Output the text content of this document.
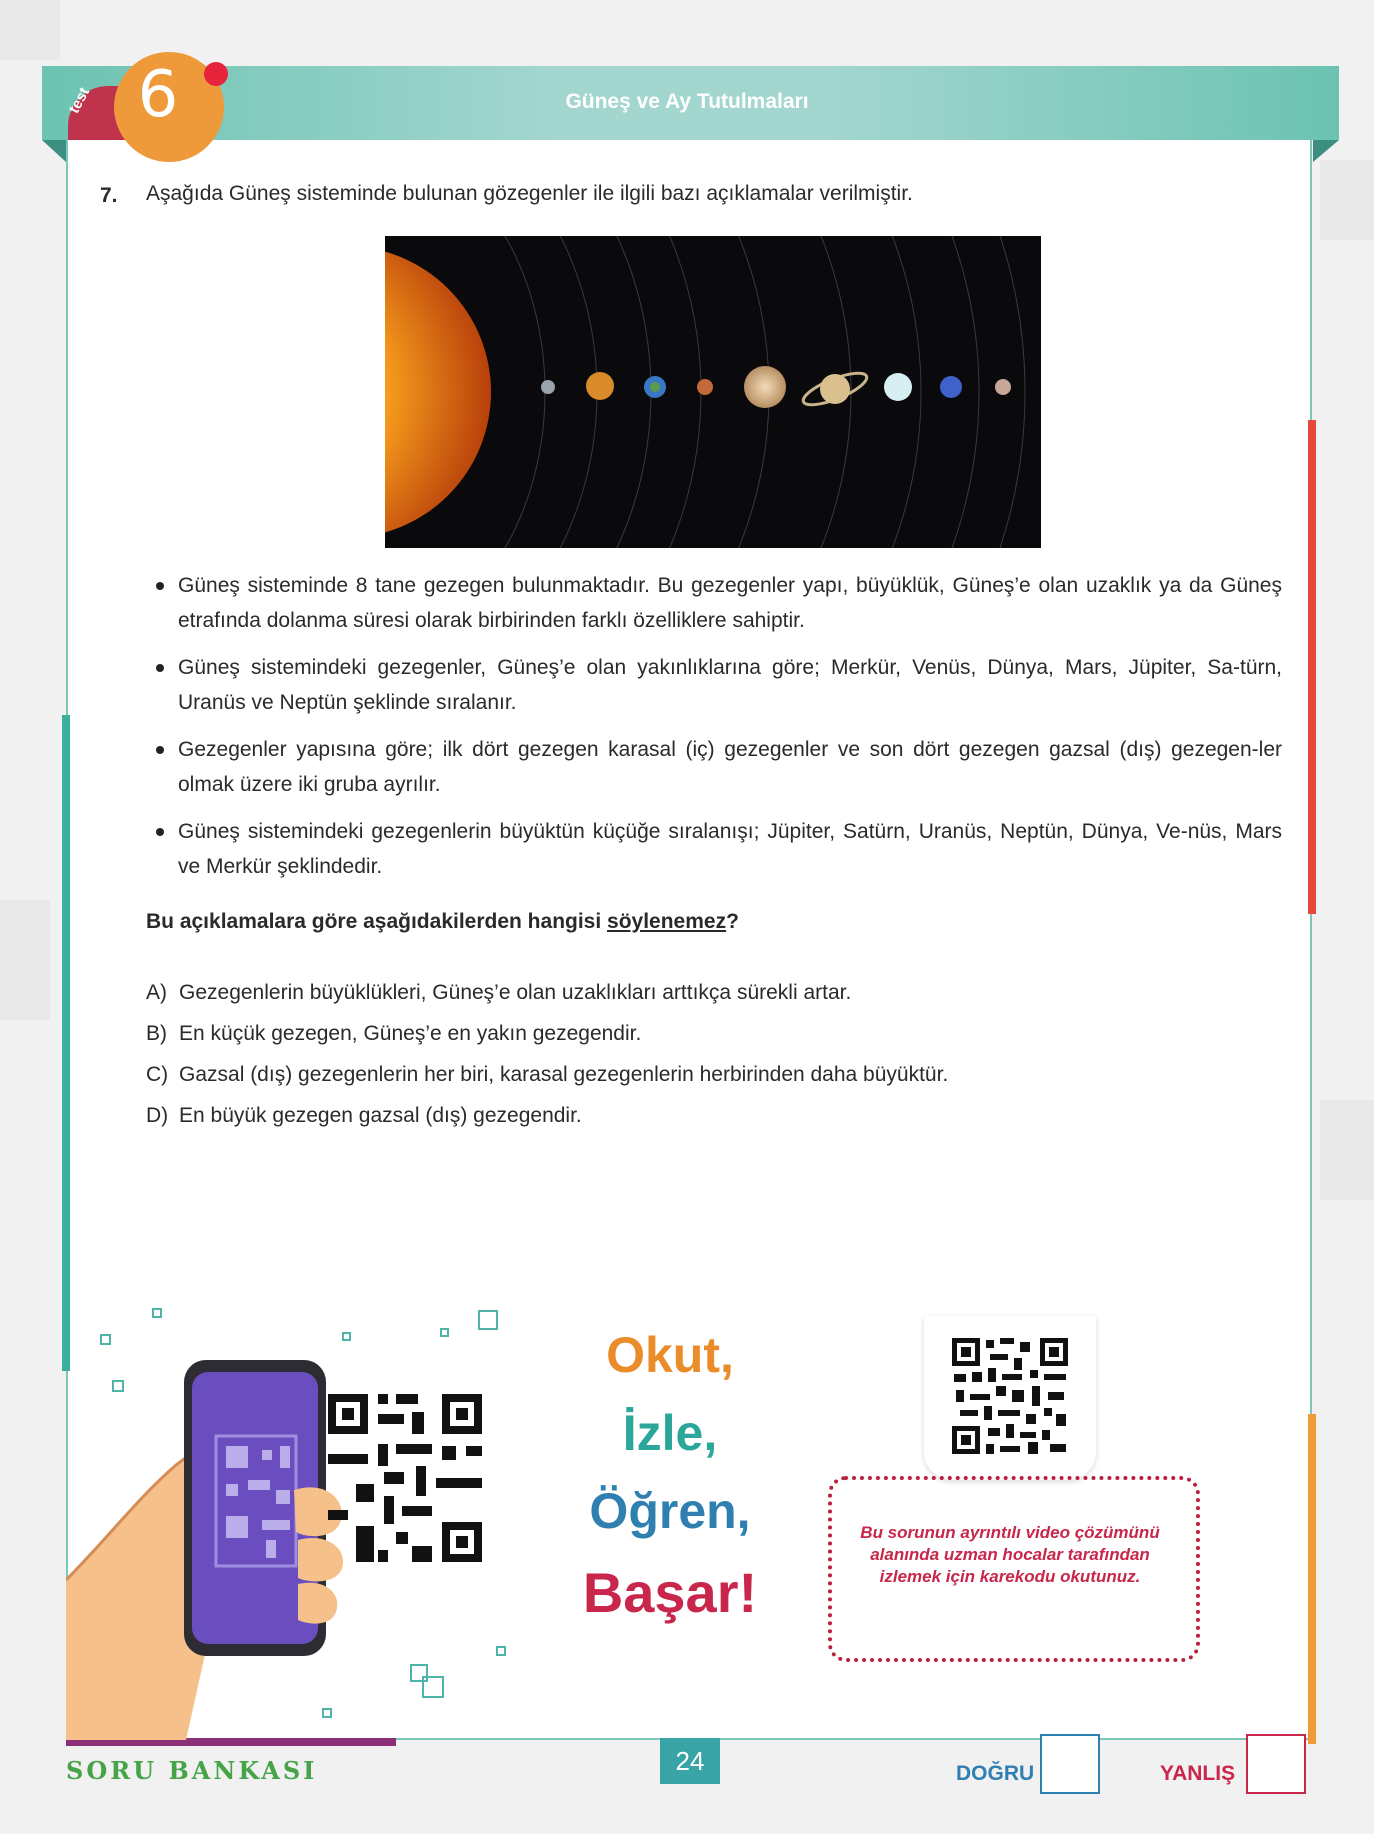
test 6	Güneş ve Ay Tutulmaları
7. Aşağıda Güneş sisteminde bulunan gözegenler ile ilgili bazı açıklamalar verilmiştir.
Güneş sisteminde 8 tane gezegen bulunmaktadır. Bu gezegenler yapı, büyüklük, Güneş’e olan uzaklık ya da Güneş etrafında dolanma süresi olarak birbirinden farklı özelliklere sahiptir.
Güneş sistemindeki gezegenler, Güneş’e olan yakınlıklarına göre; Merkür, Venüs, Dünya, Mars, Jüpiter, Sa-türn, Uranüs ve Neptün şeklinde sıralanır.
Gezegenler yapısına göre; ilk dört gezegen karasal (iç) gezegenler ve son dört gezegen gazsal (dış) gezegen-ler olmak üzere iki gruba ayrılır.
Güneş sistemindeki gezegenlerin büyüktün küçüğe sıralanışı; Jüpiter, Satürn, Uranüs, Neptün, Dünya, Ve-nüs, Mars ve Merkür şeklindedir.
Bu açıklamalara göre aşağıdakilerden hangisi söylenemez?
A) Gezegenlerin büyüklükleri, Güneş’e olan uzaklıkları arttıkça sürekli artar.
B) En küçük gezegen, Güneş’e en yakın gezegendir.
C) Gazsal (dış) gezegenlerin her biri, karasal gezegenlerin herbirinden daha büyüktür.
D) En büyük gezegen gazsal (dış) gezegendir.
Okut,
İzle,
Öğren,
Başar!
Bu sorunun ayrıntılı video çözümünü alanında uzman hocalar tarafından izlemek için karekodu okutunuz.
SORU BANKASI	24	DOĞRU	YANLIŞ
